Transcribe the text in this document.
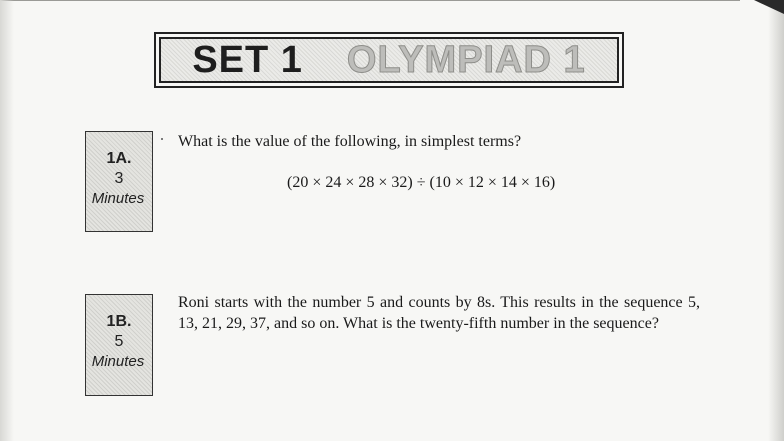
SET 1 OLYMPIAD 1
1A.
3
Minutes
What is the value of the following, in simplest terms?
(20 × 24 × 28 × 32) ÷ (10 × 12 × 14 × 16)
1B.
5
Minutes
Roni starts with the number 5 and counts by 8s. This results in the sequence 5, 13, 21, 29, 37, and so on. What is the twenty-fifth number in the sequence?
